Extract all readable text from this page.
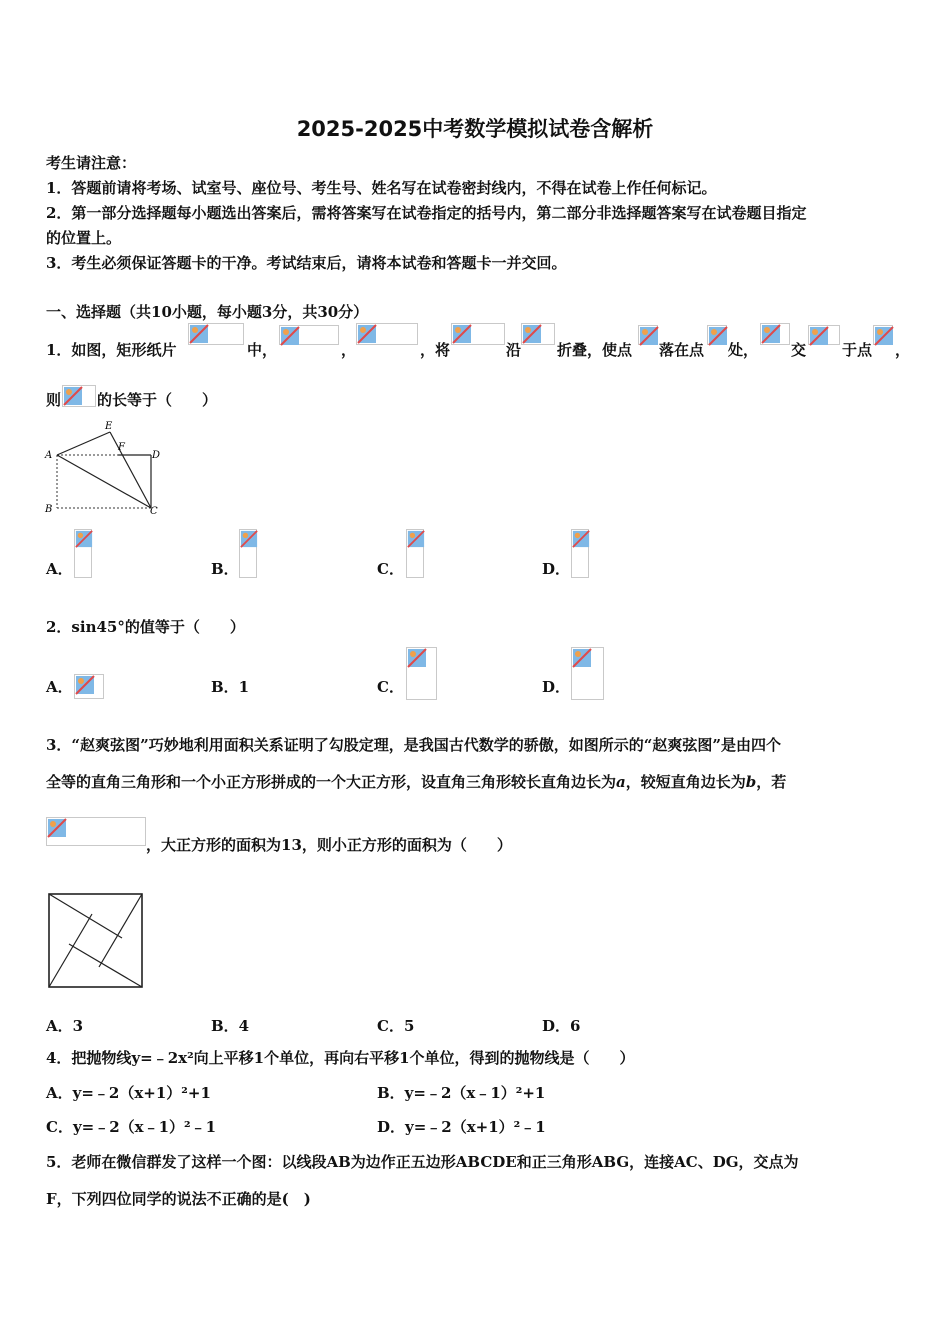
2025-2025中考数学模拟试卷含解析
考生请注意：
1．答题前请将考场、试室号、座位号、考生号、姓名写在试卷密封线内，不得在试卷上作任何标记。
2．第一部分选择题每小题选出答案后，需将答案写在试卷指定的括号内，第二部分非选择题答案写在试卷题目指定
的位置上。
3．考生必须保证答题卡的干净。考试结束后，请将本试卷和答题卡一并交回。
一、选择题（共10小题，每小题3分，共30分）
1．如图，矩形纸片	中，	，	，将	沿 折叠，使点 落在点 处， 交 于点 ，
则 的长等于（　　）
A
E
F
D
B	C
A．	B．	C．	D．
2．sin45°的值等于（　　）
A．	B．1	C．	D．
3．“赵爽弦图”巧妙地利用面积关系证明了勾股定理，是我国古代数学的骄傲，如图所示的“赵爽弦图”是由四个
全等的直角三角形和一个小正方形拼成的一个大正方形，设直角三角形较长直角边长为a，较短直角边长为b，若
，大正方形的面积为13，则小正方形的面积为（　　）
A．3	B．4	C．5	D．6
4．把抛物线y=﹣2x²向上平移1个单位，再向右平移1个单位，得到的抛物线是（　　）
A．y=﹣2（x+1）²+1	B．y=﹣2（x﹣1）²+1
C．y=﹣2（x﹣1）²﹣1	D．y=﹣2（x+1）²﹣1
5．老师在微信群发了这样一个图：以线段AB为边作正五边形ABCDE和正三角形ABG，连接AC、DG，交点为
F，下列四位同学的说法不正确的是(　)
